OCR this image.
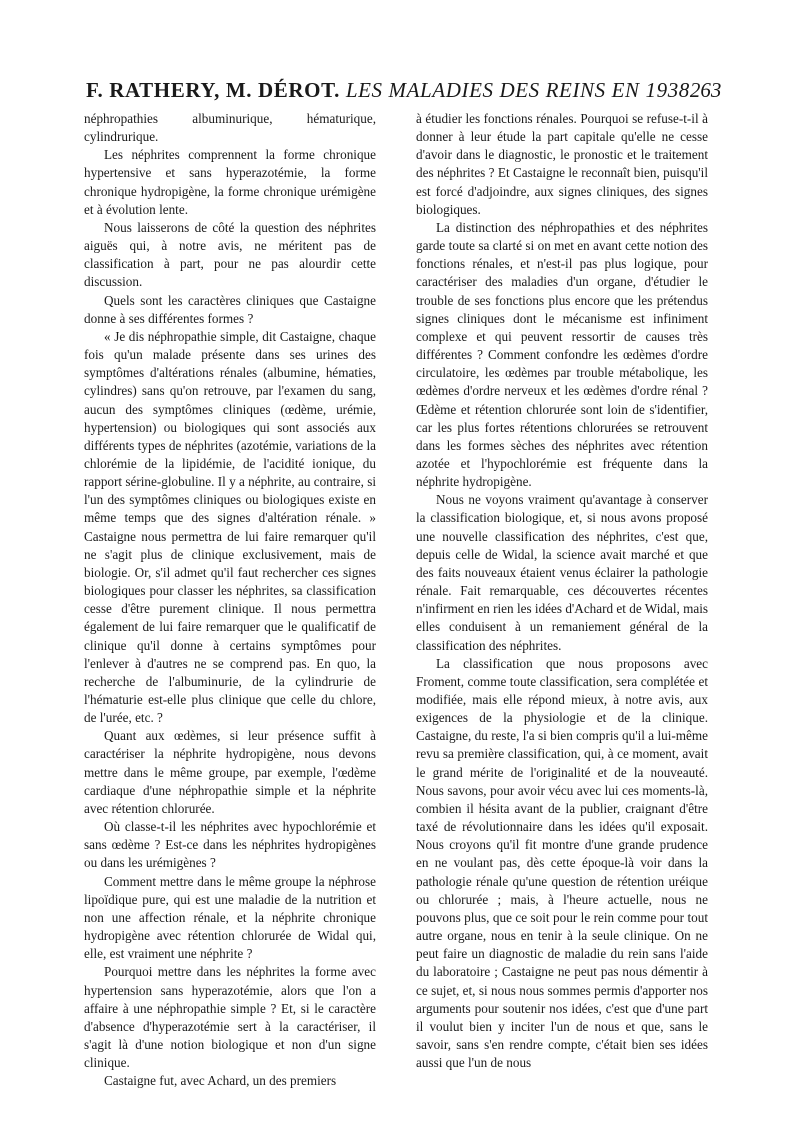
F. RATHERY, M. DÉROT. LES MALADIES DES REINS EN 1938 263

néphropathies albuminurique, hématurique, cylindrurique.

Les néphrites comprennent la forme chronique hypertensive et sans hyperazotémie, la forme chronique hydropigène, la forme chronique urémigène et à évolution lente.

Nous laisserons de côté la question des néphrites aiguës qui, à notre avis, ne méritent pas de classification à part, pour ne pas alourdir cette discussion.

Quels sont les caractères cliniques que Castaigne donne à ses différentes formes ?

« Je dis néphropathie simple, dit Castaigne, chaque fois qu'un malade présente dans ses urines des symptômes d'altérations rénales (albumine, hématies, cylindres) sans qu'on retrouve, par l'examen du sang, aucun des symptômes cliniques (œdème, urémie, hypertension) ou biologiques qui sont associés aux différents types de néphrites (azotémie, variations de la chlorémie de la lipidémie, de l'acidité ionique, du rapport sérine-globuline. Il y a néphrite, au contraire, si l'un des symptômes cliniques ou biologiques existe en même temps que des signes d'altération rénale. » Castaigne nous permettra de lui faire remarquer qu'il ne s'agit plus de clinique exclusivement, mais de biologie. Or, s'il admet qu'il faut rechercher ces signes biologiques pour classer les néphrites, sa classification cesse d'être purement clinique. Il nous permettra également de lui faire remarquer que le qualificatif de clinique qu'il donne à certains symptômes pour l'enlever à d'autres ne se comprend pas. En quo, la recherche de l'albuminurie, de la cylindrurie de l'hématurie est-elle plus clinique que celle du chlore, de l'urée, etc. ?

Quant aux œdèmes, si leur présence suffit à caractériser la néphrite hydropigène, nous devons mettre dans le même groupe, par exemple, l'œdème cardiaque d'une néphropathie simple et la néphrite avec rétention chlorurée.

Où classe-t-il les néphrites avec hypochlorémie et sans œdème ? Est-ce dans les néphrites hydropigènes ou dans les urémigènes ?

Comment mettre dans le même groupe la néphrose lipoïdique pure, qui est une maladie de la nutrition et non une affection rénale, et la néphrite chronique hydropigène avec rétention chlorurée de Widal qui, elle, est vraiment une néphrite ?

Pourquoi mettre dans les néphrites la forme avec hypertension sans hyperazotémie, alors que l'on a affaire à une néphropathie simple ? Et, si le caractère d'absence d'hyperazotémie sert à la caractériser, il s'agit là d'une notion biologique et non d'un signe clinique.

Castaigne fut, avec Achard, un des premiers

à étudier les fonctions rénales. Pourquoi se refuse-t-il à donner à leur étude la part capitale qu'elle ne cesse d'avoir dans le diagnostic, le pronostic et le traitement des néphrites ? Et Castaigne le reconnaît bien, puisqu'il est forcé d'adjoindre, aux signes cliniques, des signes biologiques.

La distinction des néphropathies et des néphrites garde toute sa clarté si on met en avant cette notion des fonctions rénales, et n'est-il pas plus logique, pour caractériser des maladies d'un organe, d'étudier le trouble de ses fonctions plus encore que les prétendus signes cliniques dont le mécanisme est infiniment complexe et qui peuvent ressortir de causes très différentes ? Comment confondre les œdèmes d'ordre circulatoire, les œdèmes par trouble métabolique, les œdèmes d'ordre nerveux et les œdèmes d'ordre rénal ? Œdème et rétention chlorurée sont loin de s'identifier, car les plus fortes rétentions chlorurées se retrouvent dans les formes sèches des néphrites avec rétention azotée et l'hypochlorémie est fréquente dans la néphrite hydropigène.

Nous ne voyons vraiment qu'avantage à conserver la classification biologique, et, si nous avons proposé une nouvelle classification des néphrites, c'est que, depuis celle de Widal, la science avait marché et que des faits nouveaux étaient venus éclairer la pathologie rénale. Fait remarquable, ces découvertes récentes n'infirment en rien les idées d'Achard et de Widal, mais elles conduisent à un remaniement général de la classification des néphrites.

La classification que nous proposons avec Froment, comme toute classification, sera complétée et modifiée, mais elle répond mieux, à notre avis, aux exigences de la physiologie et de la clinique. Castaigne, du reste, l'a si bien compris qu'il a lui-même revu sa première classification, qui, à ce moment, avait le grand mérite de l'originalité et de la nouveauté. Nous savons, pour avoir vécu avec lui ces moments-là, combien il hésita avant de la publier, craignant d'être taxé de révolutionnaire dans les idées qu'il exposait. Nous croyons qu'il fit montre d'une grande prudence en ne voulant pas, dès cette époque-là voir dans la pathologie rénale qu'une question de rétention uréique ou chlorurée ; mais, à l'heure actuelle, nous ne pouvons plus, que ce soit pour le rein comme pour tout autre organe, nous en tenir à la seule clinique. On ne peut faire un diagnostic de maladie du rein sans l'aide du laboratoire ; Castaigne ne peut pas nous démentir à ce sujet, et, si nous nous sommes permis d'apporter nos arguments pour soutenir nos idées, c'est que d'une part il voulut bien y inciter l'un de nous et que, sans le savoir, sans s'en rendre compte, c'était bien ses idées aussi que l'un de nous
